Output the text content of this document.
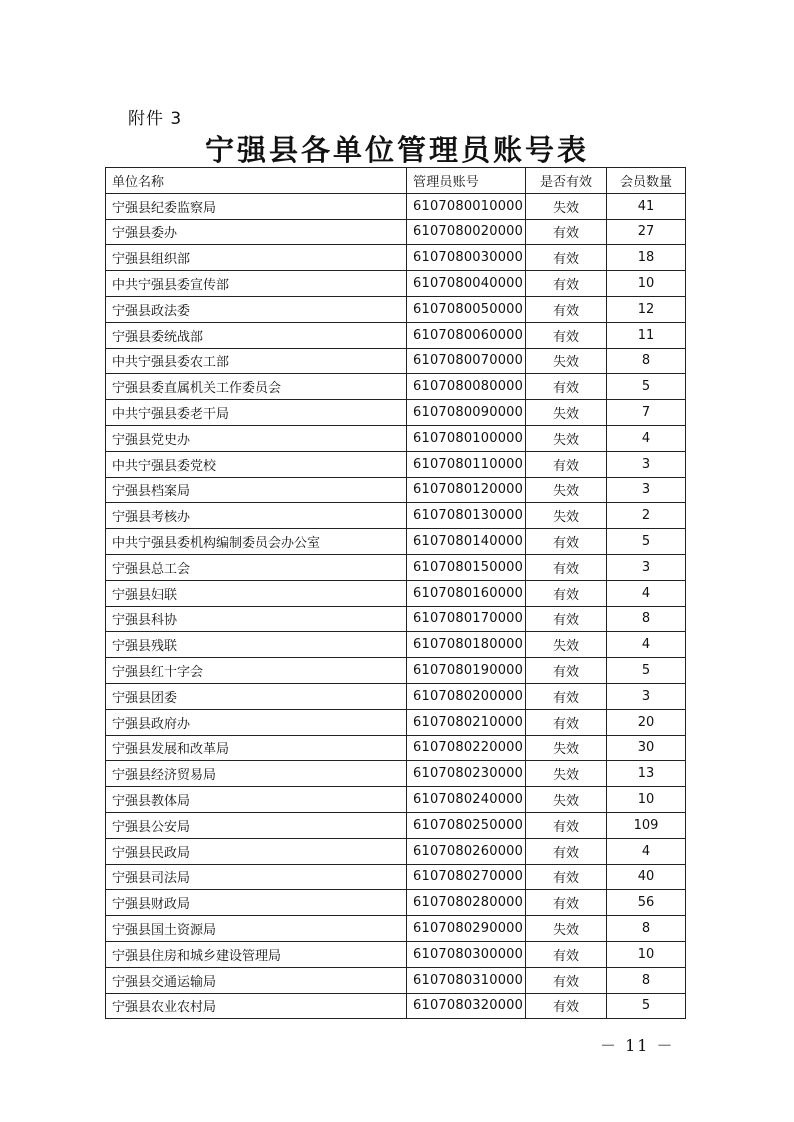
附件 3
宁强县各单位管理员账号表
单位名称	管理员账号	是否有效	会员数量
宁强县纪委监察局	6107080010000	失效	41
宁强县委办	6107080020000	有效	27
宁强县组织部	6107080030000	有效	18
中共宁强县委宣传部	6107080040000	有效	10
宁强县政法委	6107080050000	有效	12
宁强县委统战部	6107080060000	有效	11
中共宁强县委农工部	6107080070000	失效	8
宁强县委直属机关工作委员会	6107080080000	有效	5
中共宁强县委老干局	6107080090000	失效	7
宁强县党史办	6107080100000	失效	4
中共宁强县委党校	6107080110000	有效	3
宁强县档案局	6107080120000	失效	3
宁强县考核办	6107080130000	失效	2
中共宁强县委机构编制委员会办公室	6107080140000	有效	5
宁强县总工会	6107080150000	有效	3
宁强县妇联	6107080160000	有效	4
宁强县科协	6107080170000	有效	8
宁强县残联	6107080180000	失效	4
宁强县红十字会	6107080190000	有效	5
宁强县团委	6107080200000	有效	3
宁强县政府办	6107080210000	有效	20
宁强县发展和改革局	6107080220000	失效	30
宁强县经济贸易局	6107080230000	失效	13
宁强县教体局	6107080240000	失效	10
宁强县公安局	6107080250000	有效	109
宁强县民政局	6107080260000	有效	4
宁强县司法局	6107080270000	有效	40
宁强县财政局	6107080280000	有效	56
宁强县国土资源局	6107080290000	失效	8
宁强县住房和城乡建设管理局	6107080300000	有效	10
宁强县交通运输局	6107080310000	有效	8
宁强县农业农村局	6107080320000	有效	5
－ 11 －
